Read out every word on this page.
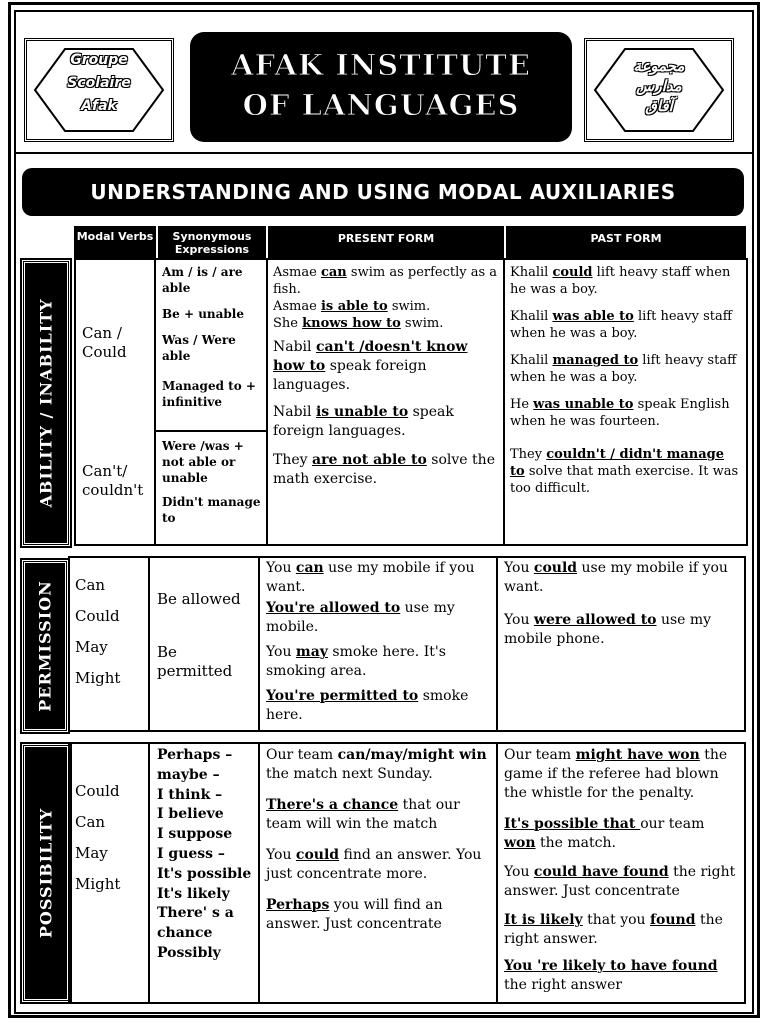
Groupe
Scolaire
Afak
AFAK INSTITUTE
OF LANGUAGES
مجموعة
مدارس
آفاق
UNDERSTANDING AND USING MODAL AUXILIARIES
Modal Verbs	Synonymous Expressions
PRESENT FORM	PAST FORM
ABILITY / INABILITY Can / Could
Can't/ couldn't

Am / is / are able

Be + unable

Was / Were able

Managed to + infinitive

Were /was + not able or unable

Didn't manage to

Asmae can swim as perfectly as a fish.

Asmae is able to swim.

She knows how to swim.

Nabil can't /doesn't know how to speak foreign languages.

Nabil is unable to speak foreign languages.

They are not able to solve the math exercise.

Khalil could lift heavy staff when he was a boy.

Khalil was able to lift heavy staff when he was a boy.

Khalil managed to lift heavy staff when he was a boy.

He was unable to speak English when he was fourteen.

They couldn't / didn't manage to solve that math exercise. It was too difficult.

PERMISSION Can
Could
May
Might
Be allowed
Be permitted

You can use my mobile if you want.

You're allowed to use my mobile.

You may smoke here. It's smoking area.

You're permitted to smoke here.

You could use my mobile if you want.

You were allowed to use my mobile phone.

POSSIBILITY
Could
Can
May
Might
Perhaps –
maybe –
I think –
I believe
I suppose
I guess –
It's possible
It's likely
There' s a
chance
Possibly

Our team can/may/might win the match next Sunday.

There's a chance that our team will win the match

You could find an answer. You just concentrate more.

Perhaps you will find an answer. Just concentrate

Our team might have won the game if the referee had blown the whistle for the penalty.

It's possible that our team won the match.

You could have found the right answer. Just concentrate

It is likely that you found the right answer.

You 're likely to have found the right answer
